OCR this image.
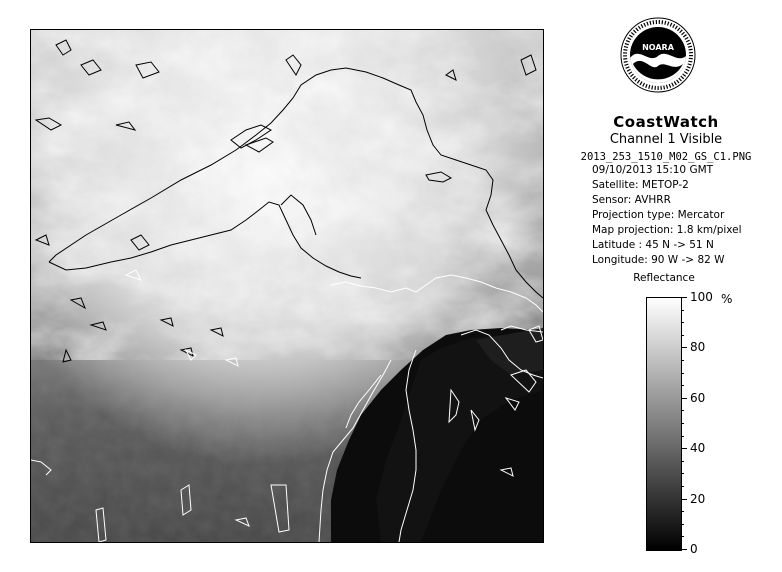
NOARA
CoastWatch
Channel 1 Visible
2013_253_1510_M02_GS_C1.PNG
09/10/2013 15:10 GMT
Satellite: METOP-2
Sensor: AVHRR
Projection type: Mercator
Map projection: 1.8 km/pixel
Latitude : 45 N -> 51 N
Longitude: 90 W -> 82 W
Reflectance
%
100
80
60
40
20
0
